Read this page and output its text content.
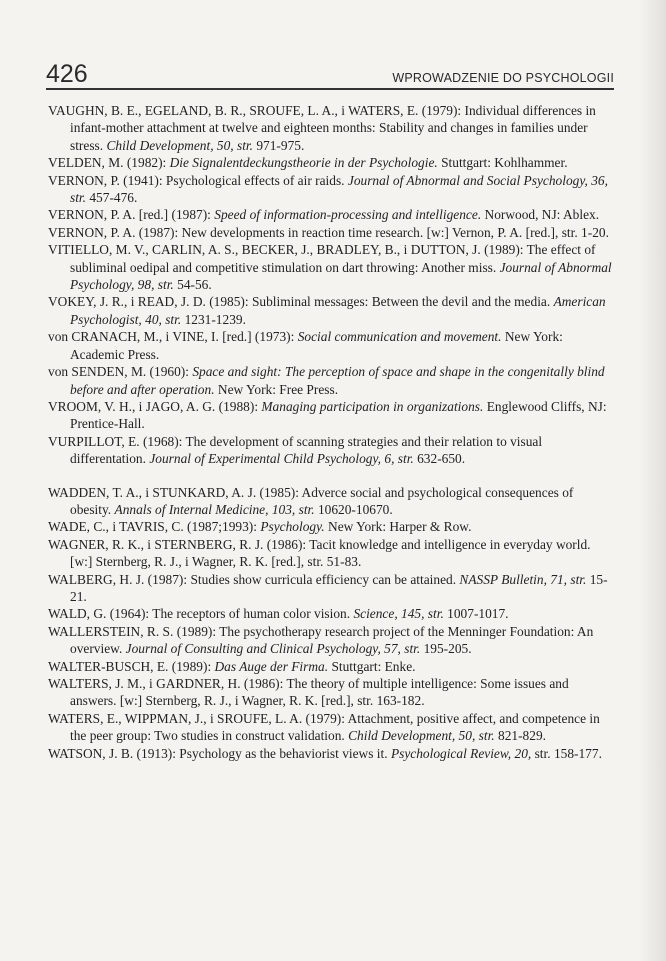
426	WPROWADZENIE DO PSYCHOLOGII

VAUGHN, B. E., EGELAND, B. R., SROUFE, L. A., i WATERS, E. (1979): Individual differences in infant-mother attachment at twelve and eighteen months: Stability and changes in families under stress. Child Development, 50, str. 971-975.

VELDEN, M. (1982): Die Signalentdeckungstheorie in der Psychologie. Stuttgart: Kohlhammer.

VERNON, P. (1941): Psychological effects of air raids. Journal of Abnormal and Social Psychology, 36, str. 457-476.

VERNON, P. A. [red.] (1987): Speed of information-processing and intelligence. Norwood, NJ: Ablex.

VERNON, P. A. (1987): New developments in reaction time research. [w:] Vernon, P. A. [red.], str. 1-20.

VITIELLO, M. V., CARLIN, A. S., BECKER, J., BRADLEY, B., i DUTTON, J. (1989): The effect of subliminal oedipal and competitive stimulation on dart throwing: Another miss. Journal of Abnormal Psychology, 98, str. 54-56.

VOKEY, J. R., i READ, J. D. (1985): Subliminal messages: Between the devil and the media. American Psychologist, 40, str. 1231-1239.

von CRANACH, M., i VINE, I. [red.] (1973): Social communication and movement. New York: Academic Press.

von SENDEN, M. (1960): Space and sight: The perception of space and shape in the congenitally blind before and after operation. New York: Free Press.

VROOM, V. H., i JAGO, A. G. (1988): Managing participation in organizations. Englewood Cliffs, NJ: Prentice-Hall.

VURPILLOT, E. (1968): The development of scanning strategies and their relation to visual differentation. Journal of Experimental Child Psychology, 6, str. 632-650.

WADDEN, T. A., i STUNKARD, A. J. (1985): Adverce social and psychological consequences of obesity. Annals of Internal Medicine, 103, str. 10620-10670.

WADE, C., i TAVRIS, C. (1987;1993): Psychology. New York: Harper & Row.

WAGNER, R. K., i STERNBERG, R. J. (1986): Tacit knowledge and intelligence in everyday world. [w:] Sternberg, R. J., i Wagner, R. K. [red.], str. 51-83.

WALBERG, H. J. (1987): Studies show curricula efficiency can be attained. NASSP Bulletin, 71, str. 15-21.

WALD, G. (1964): The receptors of human color vision. Science, 145, str. 1007-1017.

WALLERSTEIN, R. S. (1989): The psychotherapy research project of the Menninger Foundation: An overview. Journal of Consulting and Clinical Psychology, 57, str. 195-205.

WALTER-BUSCH, E. (1989): Das Auge der Firma. Stuttgart: Enke.

WALTERS, J. M., i GARDNER, H. (1986): The theory of multiple intelligence: Some issues and answers. [w:] Sternberg, R. J., i Wagner, R. K. [red.], str. 163-182.

WATERS, E., WIPPMAN, J., i SROUFE, L. A. (1979): Attachment, positive affect, and competence in the peer group: Two studies in construct validation. Child Development, 50, str. 821-829.

WATSON, J. B. (1913): Psychology as the behaviorist views it. Psychological Review, 20, str. 158-177.
